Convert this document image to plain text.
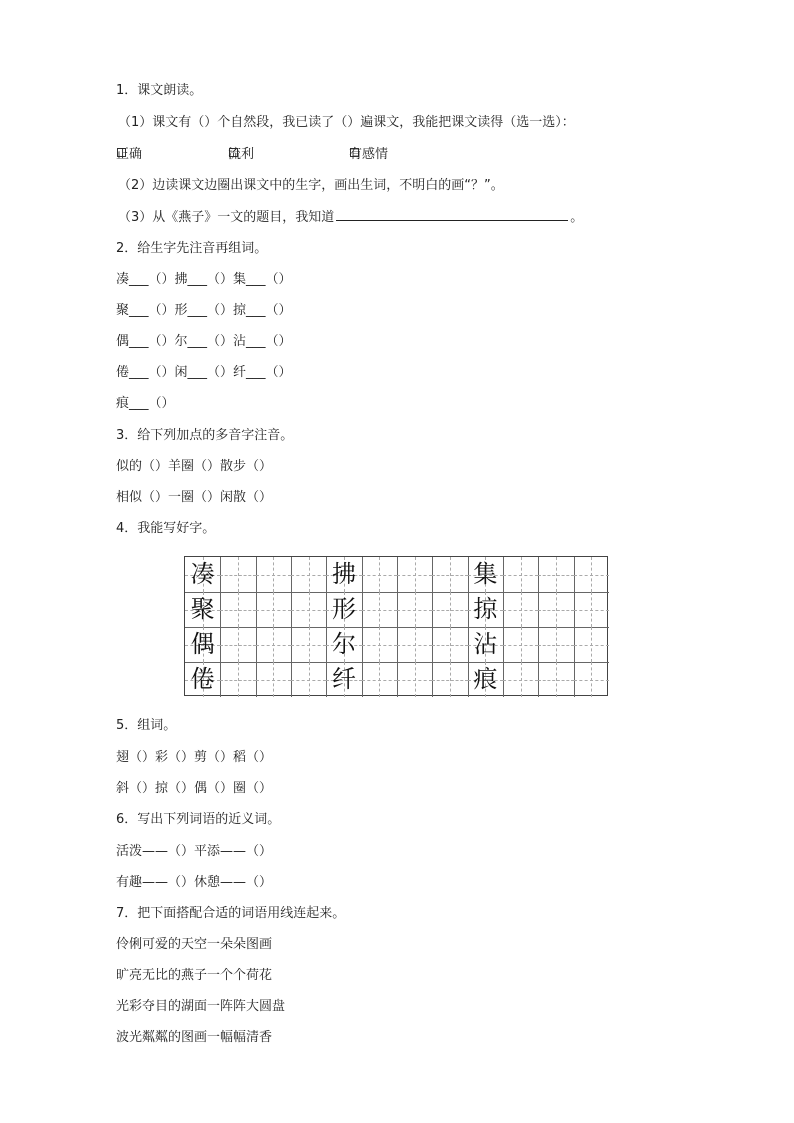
1．课文朗读。
（1）课文有（）个自然段，我已读了（）遍课文，我能把课文读得（选一选）：
正确	流利	有感情
（2）边读课文边圈出课文中的生字，画出生词，不明白的画“？”。
（3）从《燕子》一文的题目，我知道	。
2．给生字先注音再组词。
凑___（）拂___（）集___（）
聚___（）形___（）掠___（）
偶___（）尔___（）沾___（）
倦___（）闲___（）纤___（）
痕___（）
3．给下列加点的多音字注音。
似的（）羊圈（）散步（）
相似（）一圈（）闲散（）
4．我能写好字。
凑	拂	集
聚	形	掠
偶	尔	沾
倦	纤	痕
5．组词。
翅（）彩（）剪（）稻（）
斜（）掠（）偶（）圈（）
6．写出下列词语的近义词。
活泼——（）平添——（）
有趣——（）休憩——（）
7．把下面搭配合适的词语用线连起来。
伶俐可爱的天空一朵朵图画
旷亮无比的燕子一个个荷花
光彩夺目的湖面一阵阵大圆盘
波光粼粼的图画一幅幅清香
